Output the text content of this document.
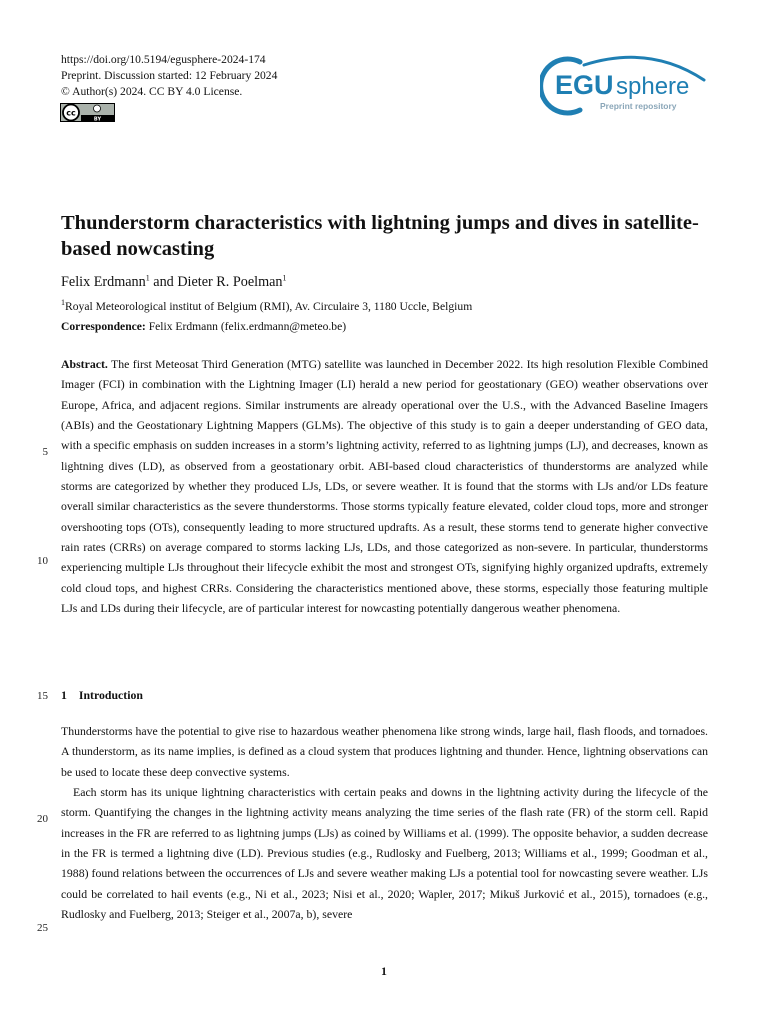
https://doi.org/10.5194/egusphere-2024-174
Preprint. Discussion started: 12 February 2024
© Author(s) 2024. CC BY 4.0 License.
cc
BY
EGU sphere
Preprint repository
Thunderstorm characteristics with lightning jumps and dives in satellite-based nowcasting
Felix Erdmann$^1$ and Dieter R. Poelman$^1$
$^1$Royal Meteorological institut of Belgium (RMI), Av. Circulaire 3, 1180 Uccle, Belgium
Correspondence: Felix Erdmann (felix.erdmann@meteo.be)

Abstract. The first Meteosat Third Generation (MTG) satellite was launched in December 2022. Its high resolution Flexible Combined Imager (FCI) in combination with the Lightning Imager (LI) herald a new period for geostationary (GEO) weather observations over Europe, Africa, and adjacent regions. Similar instruments are already operational over the U.S., with the Advanced Baseline Imagers (ABIs) and the Geostationary Lightning Mappers (GLMs). The objective of this study is to gain a deeper understanding of GEO data, with a specific emphasis on sudden increases in a storm’s lightning activity, referred to as lightning jumps (LJ), and decreases, known as lightning dives (LD), as observed from a geostationary orbit. ABI-based cloud characteristics of thunderstorms are analyzed while storms are categorized by whether they produced LJs, LDs, or severe weather. It is found that the storms with LJs and/or LDs feature overall similar characteristics as the severe thunderstorms. Those storms typically feature elevated, colder cloud tops, more and stronger overshooting tops (OTs), consequently leading to more structured updrafts. As a result, these storms tend to generate higher convective rain rates (CRRs) on average compared to storms lacking LJs, LDs, and those categorized as non-severe. In particular, thunderstorms experiencing multiple LJs throughout their lifecycle exhibit the most and strongest OTs, signifying highly organized updrafts, extremely cold cloud tops, and highest CRRs. Considering the characteristics mentioned above, these storms, especially those featuring multiple LJs and LDs during their lifecycle, are of particular interest for nowcasting potentially dangerous weather phenomena.

1 Introduction

Thunderstorms have the potential to give rise to hazardous weather phenomena like strong winds, large hail, flash floods, and tornadoes. A thunderstorm, as its name implies, is defined as a cloud system that produces lightning and thunder. Hence, lightning observations can be used to locate these deep convective systems.

Each storm has its unique lightning characteristics with certain peaks and downs in the lightning activity during the lifecycle of the storm. Quantifying the changes in the lightning activity means analyzing the time series of the flash rate (FR) of the storm cell. Rapid increases in the FR are referred to as lightning jumps (LJs) as coined by Williams et al. (1999). The opposite behavior, a sudden decrease in the FR is termed a lightning dive (LD). Previous studies (e.g., Rudlosky and Fuelberg, 2013; Williams et al., 1999; Goodman et al., 1988) found relations between the occurrences of LJs and severe weather making LJs a potential tool for nowcasting severe weather. LJs could be correlated to hail events (e.g., Ni et al., 2023; Nisi et al., 2020; Wapler, 2017; Mikuš Jurković et al., 2015), tornadoes (e.g., Rudlosky and Fuelberg, 2013; Steiger et al., 2007a, b), severe

5
10
15
20
25
1
